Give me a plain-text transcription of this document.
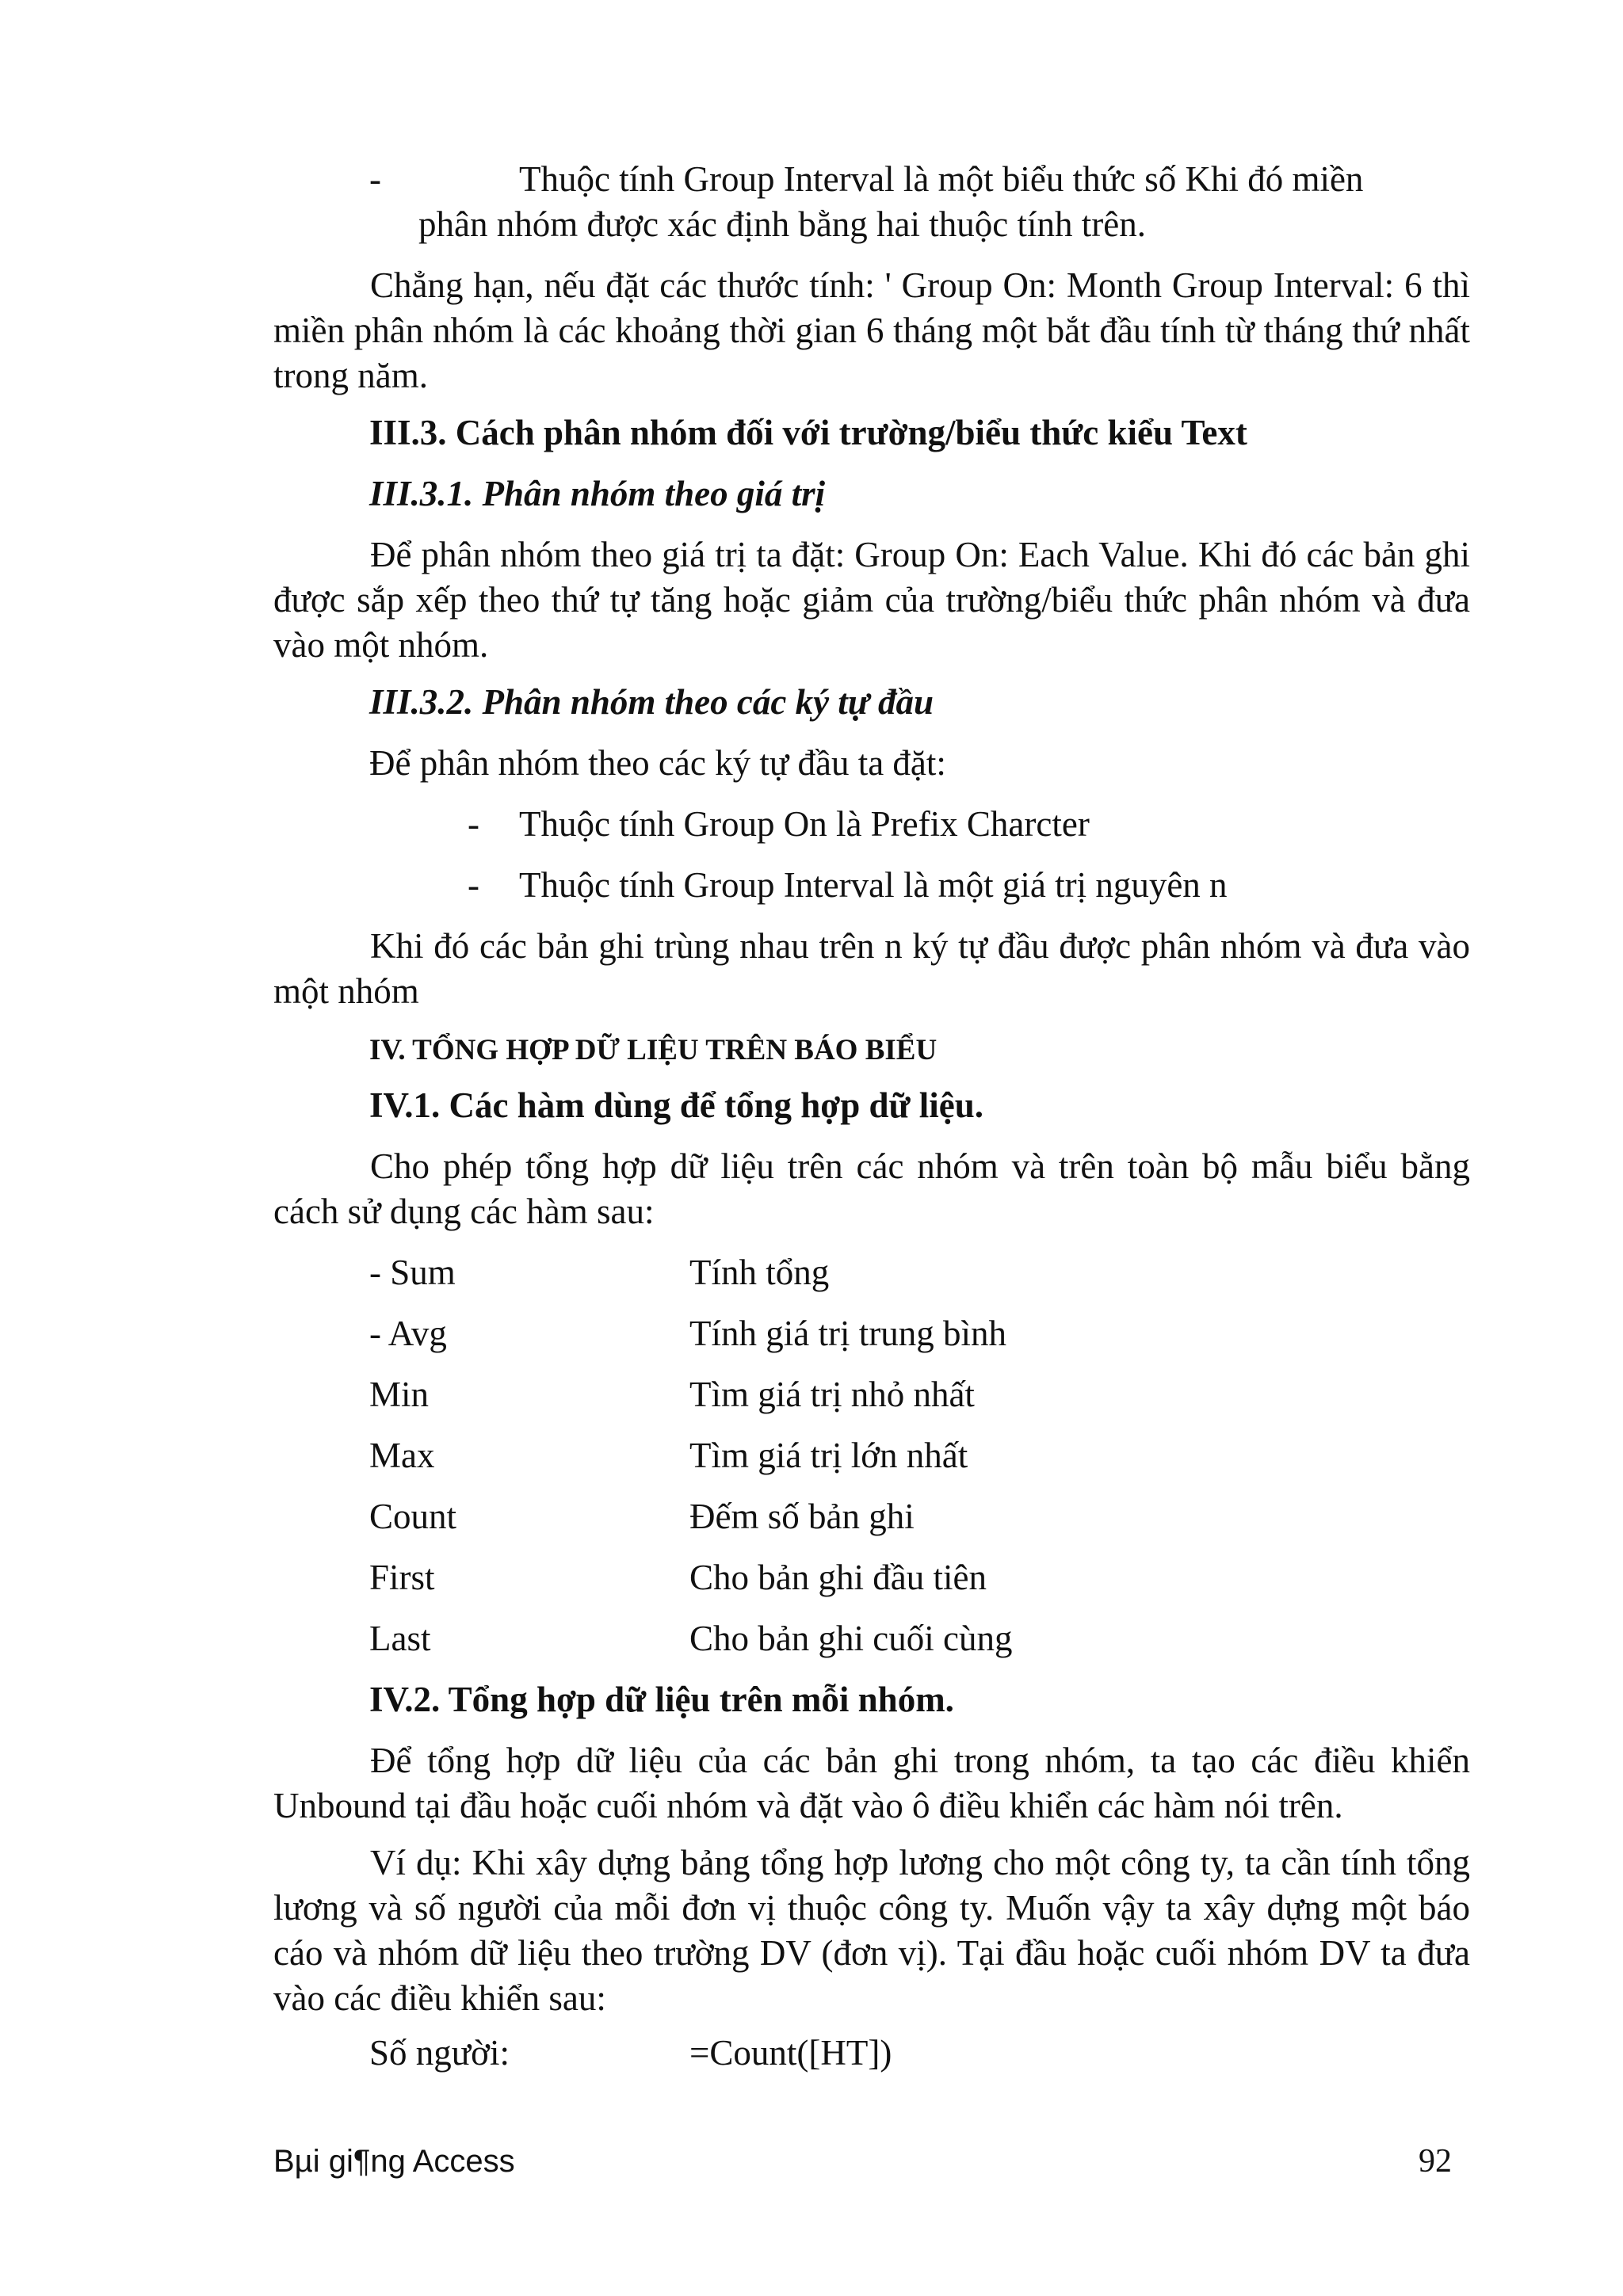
-	Thuộc tính Group Interval là một biểu thức số Khi đó miền

phân nhóm được xác định bằng hai thuộc tính trên.

Chẳng hạn, nếu đặt các thước tính: ' Group On: Month Group Interval: 6 thì miền phân nhóm là các khoảng thời gian 6 tháng một bắt đầu tính từ tháng thứ nhất trong năm.

III.3. Cách phân nhóm đối với trường/biểu thức kiểu Text

III.3.1. Phân nhóm theo giá trị

Để phân nhóm theo giá trị ta đặt: Group On: Each Value. Khi đó các bản ghi được sắp xếp theo thứ tự tăng hoặc giảm của trường/biểu thức phân nhóm và đưa vào một nhóm.

III.3.2. Phân nhóm theo các ký tự đầu

Để phân nhóm theo các ký tự đầu ta đặt:

- Thuộc tính Group On là Prefix Charcter

- Thuộc tính Group Interval là một giá trị nguyên n

Khi đó các bản ghi trùng nhau trên n ký tự đầu được phân nhóm và đưa vào một nhóm

IV. TỔNG HỢP DỮ LIỆU TRÊN BÁO BIỂU

IV.1. Các hàm dùng để tổng hợp dữ liệu.

Cho phép tổng hợp dữ liệu trên các nhóm và trên toàn bộ mẫu biểu bằng cách sử dụng các hàm sau:

- Sum	Tính tổng
- Avg	Tính giá trị trung bình
Min	Tìm giá trị nhỏ nhất
Max	Tìm giá trị lớn nhất
Count	Đếm số bản ghi
First	Cho bản ghi đầu tiên
Last	Cho bản ghi cuối cùng

IV.2. Tổng hợp dữ liệu trên mỗi nhóm.

Để tổng hợp dữ liệu của các bản ghi trong nhóm, ta tạo các điều khiển Unbound tại đầu hoặc cuối nhóm và đặt vào ô điều khiển các hàm nói trên.

Ví dụ: Khi xây dựng bảng tổng hợp lương cho một công ty, ta cần tính tổng lương và số người của mỗi đơn vị thuộc công ty. Muốn vậy ta xây dựng một báo cáo và nhóm dữ liệu theo trường DV (đơn vị). Tại đầu hoặc cuối nhóm DV ta đưa vào các điều khiển sau:

Số người:	=Count([HT])
Bµi gi¶ng Access	92
